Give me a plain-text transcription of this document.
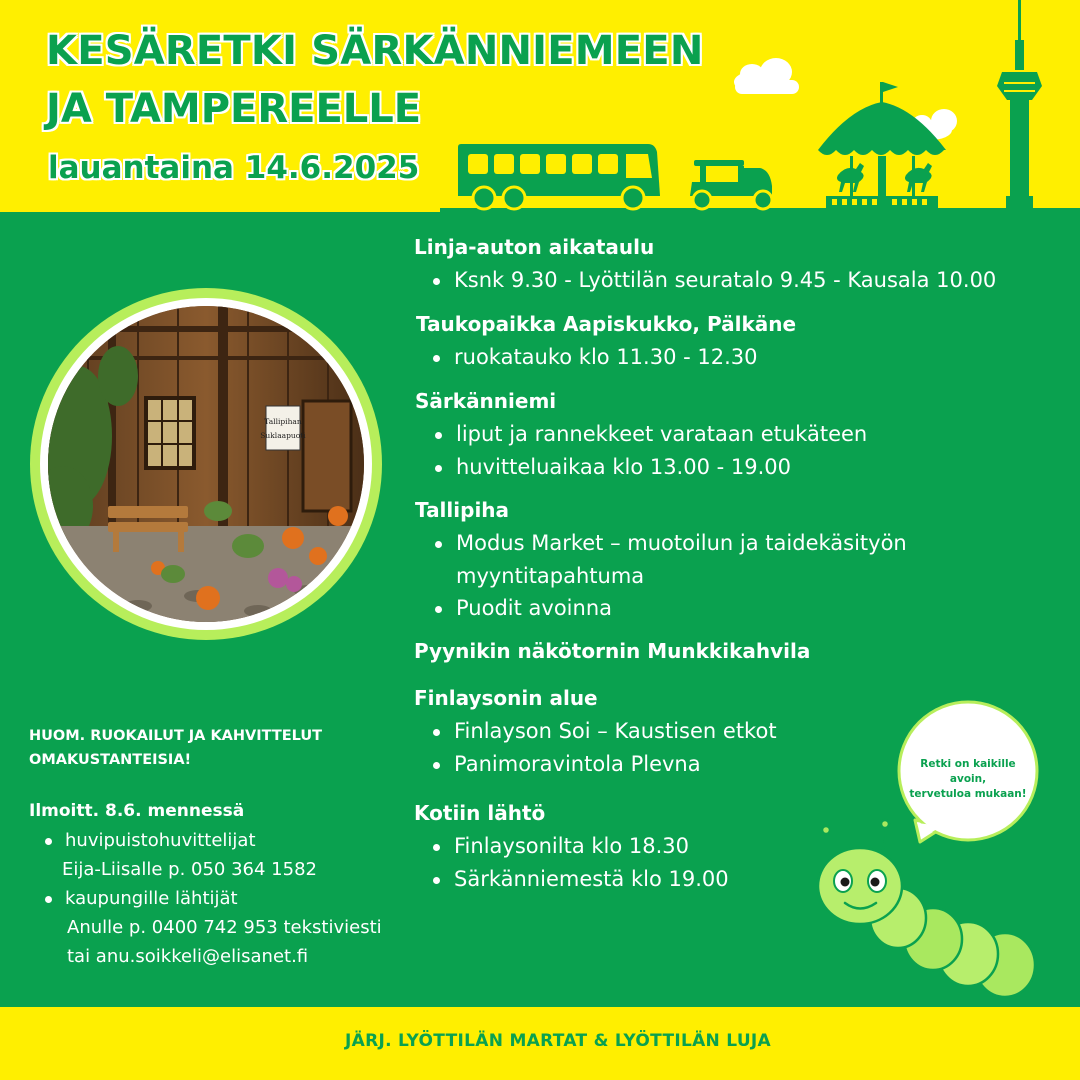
KESÄRETKI SÄRKÄNNIEMEEN
JA TAMPEREELLE
lauantaina 14.6.2025
Tallipihan
Suklaapuoti
Linja-auton aikataulu
Ksnk 9.30 - Lyöttilän seuratalo 9.45 - Kausala 10.00
Taukopaikka Aapiskukko, Pälkäne
ruokatauko klo 11.30 - 12.30
Särkänniemi
liput ja rannekkeet varataan etukäteen
huvitteluaikaa klo 13.00 - 19.00
Tallipiha
Modus Market – muotoilun ja taidekäsityön myyntitapahtuma
Puodit avoinna
Pyynikin näkötornin Munkkikahvila
Finlaysonin alue
Finlayson Soi – Kaustisen etkot
Panimoravintola Plevna
Kotiin lähtö
Finlaysonilta klo 18.30
Särkänniemestä klo 19.00
HUOM. RUOKAILUT JA KAHVITTELUT
OMAKUSTANTEISIA!
Ilmoitt. 8.6. mennessä
huvipuistohuvittelijat
Eija-Liisalle p. 050 364 1582
kaupungille lähtijät
Anulle p. 0400 742 953 tekstiviesti
tai anu.soikkeli@elisanet.fi
Retki on kaikille avoin,
tervetuloa mukaan!
JÄRJ. LYÖTTILÄN MARTAT & LYÖTTILÄN LUJA
